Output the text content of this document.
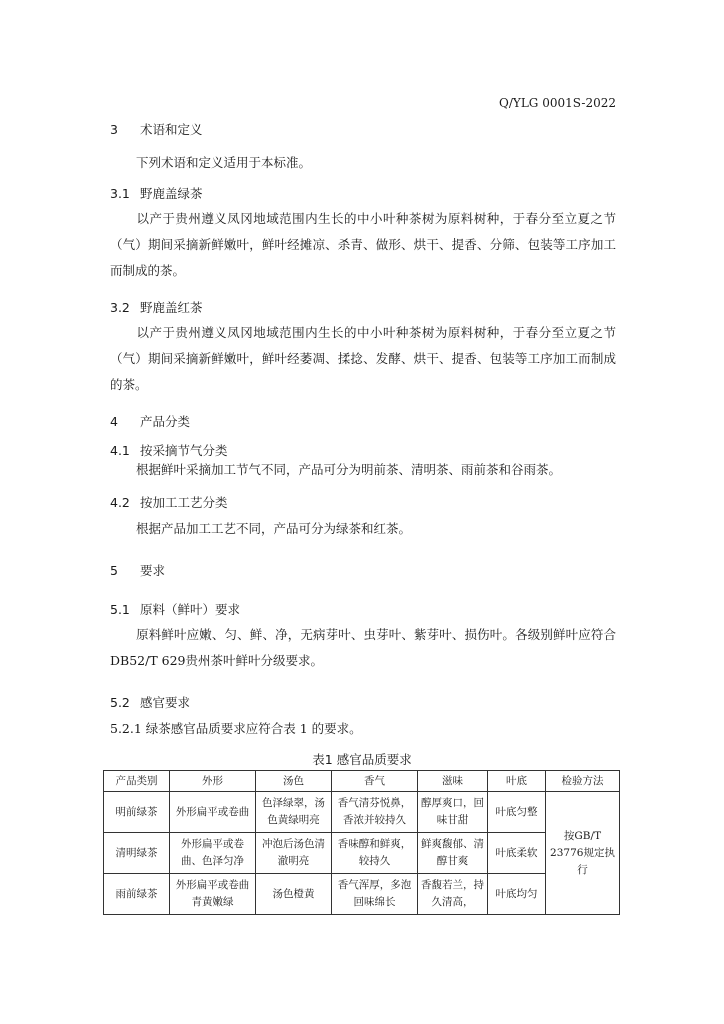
Q/YLG 0001S-2022
3 术语和定义
下列术语和定义适用于本标准。
3.1 野鹿盖绿茶
以产于贵州遵义凤冈地域范围内生长的中小叶种茶树为原料树种，于春分至立夏之节（气）期间采摘新鲜嫩叶，鲜叶经摊凉、杀青、做形、烘干、提香、分筛、包装等工序加工而制成的茶。
3.2 野鹿盖红茶
以产于贵州遵义凤冈地域范围内生长的中小叶种茶树为原料树种，于春分至立夏之节（气）期间采摘新鲜嫩叶，鲜叶经萎凋、揉捻、发酵、烘干、提香、包装等工序加工而制成的茶。
4 产品分类
4.1 按采摘节气分类
根据鲜叶采摘加工节气不同，产品可分为明前茶、清明茶、雨前茶和谷雨茶。
4.2 按加工工艺分类
根据产品加工工艺不同，产品可分为绿茶和红茶。
5 要求
5.1 原料（鲜叶）要求
原料鲜叶应嫩、匀、鲜、净，无病芽叶、虫芽叶、紫芽叶、损伤叶。各级别鲜叶应符合DB52/T 629贵州茶叶鲜叶分级要求。
5.2 感官要求
5.2.1 绿茶感官品质要求应符合表 1 的要求。
表1 感官品质要求
产品类别	外形	汤色	香气	滋味	叶底	检验方法
明前绿茶	外形扁平或卷曲	色泽绿翠，汤色黄绿明亮	香气清芬悦鼻，香浓并较持久	醇厚爽口，回味甘甜	叶底匀整	按GB/T 23776规定执行
清明绿茶	外形扁平或卷曲、色泽匀净	冲泡后汤色清澈明亮	香味醇和鲜爽，较持久	鲜爽馥郁、清醇甘爽	叶底柔软	
雨前绿茶	外形扁平或卷曲青黄嫩绿	汤色橙黄	香气浑厚，多泡回味绵长	香馥若兰，持久清高，	叶底均匀	
